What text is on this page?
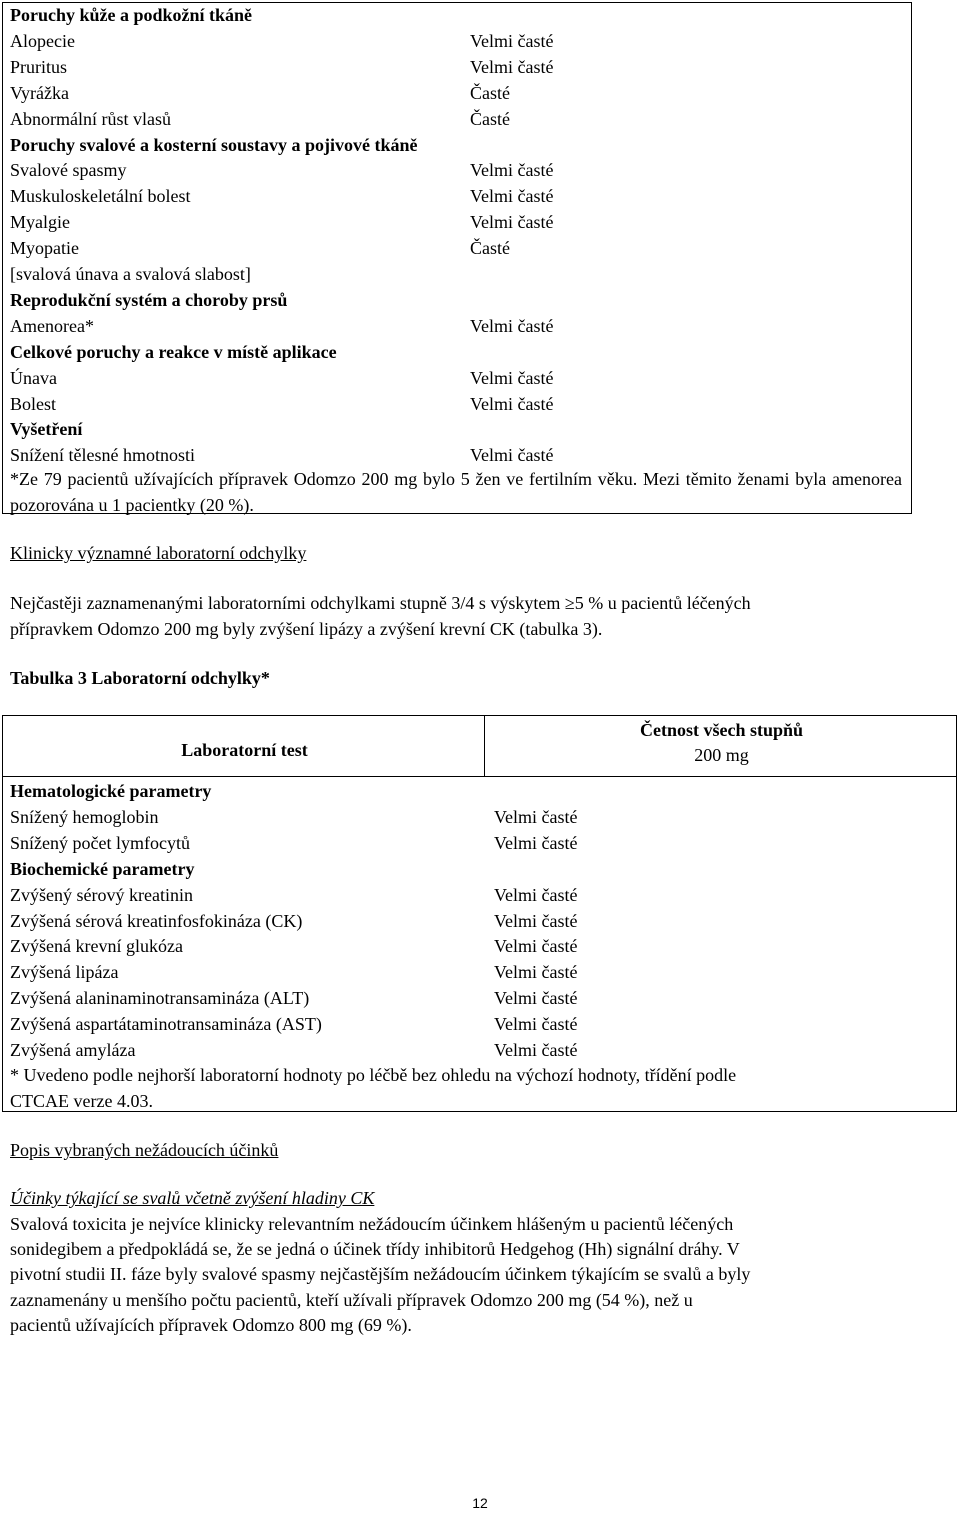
Poruchy kůže a podkožní tkáně
Alopecie	Velmi časté
Pruritus	Velmi časté
Vyrážka	Časté
Abnormální růst vlasů	Časté
Poruchy svalové a kosterní soustavy a pojivové tkáně
Svalové spasmy	Velmi časté
Muskuloskeletální bolest	Velmi časté
Myalgie	Velmi časté
Myopatie	Časté
[svalová únava a svalová slabost]
Reprodukční systém a choroby prsů
Amenorea*	Velmi časté
Celkové poruchy a reakce v místě aplikace
Únava	Velmi časté
Bolest	Velmi časté
Vyšetření
Snížení tělesné hmotnosti	Velmi časté
*Ze 79 pacientů užívajících přípravek Odomzo 200 mg bylo 5 žen ve fertilním věku. Mezi těmito ženami byla amenorea pozorována u 1 pacientky (20 %).
Klinicky významné laboratorní odchylky
Nejčastěji zaznamenanými laboratorními odchylkami stupně 3/4 s výskytem ≥5 % u pacientů léčených
přípravkem Odomzo 200 mg byly zvýšení lipázy a zvýšení krevní CK (tabulka 3).
Tabulka 3 Laboratorní odchylky*
Laboratorní test
Četnost všech stupňů
200 mg
Hematologické parametry
Snížený hemoglobin	Velmi časté
Snížený počet lymfocytů	Velmi časté
Biochemické parametry
Zvýšený sérový kreatinin	Velmi časté
Zvýšená sérová kreatinfosfokináza (CK)	Velmi časté
Zvýšená krevní glukóza	Velmi časté
Zvýšená lipáza	Velmi časté
Zvýšená alaninaminotransamináza (ALT)	Velmi časté
Zvýšená aspartátaminotransamináza (AST)	Velmi časté
Zvýšená amyláza	Velmi časté
* Uvedeno podle nejhorší laboratorní hodnoty po léčbě bez ohledu na výchozí hodnoty, třídění podle
CTCAE verze 4.03.
Popis vybraných nežádoucích účinků
Účinky týkající se svalů včetně zvýšení hladiny CK
Svalová toxicita je nejvíce klinicky relevantním nežádoucím účinkem hlášeným u pacientů léčených
sonidegibem a předpokládá se, že se jedná o účinek třídy inhibitorů Hedgehog (Hh) signální dráhy. V
pivotní studii II. fáze byly svalové spasmy nejčastějším nežádoucím účinkem týkajícím se svalů a byly
zaznamenány u menšího počtu pacientů, kteří užívali přípravek Odomzo 200 mg (54 %), než u
pacientů užívajících přípravek Odomzo 800 mg (69 %).
12
